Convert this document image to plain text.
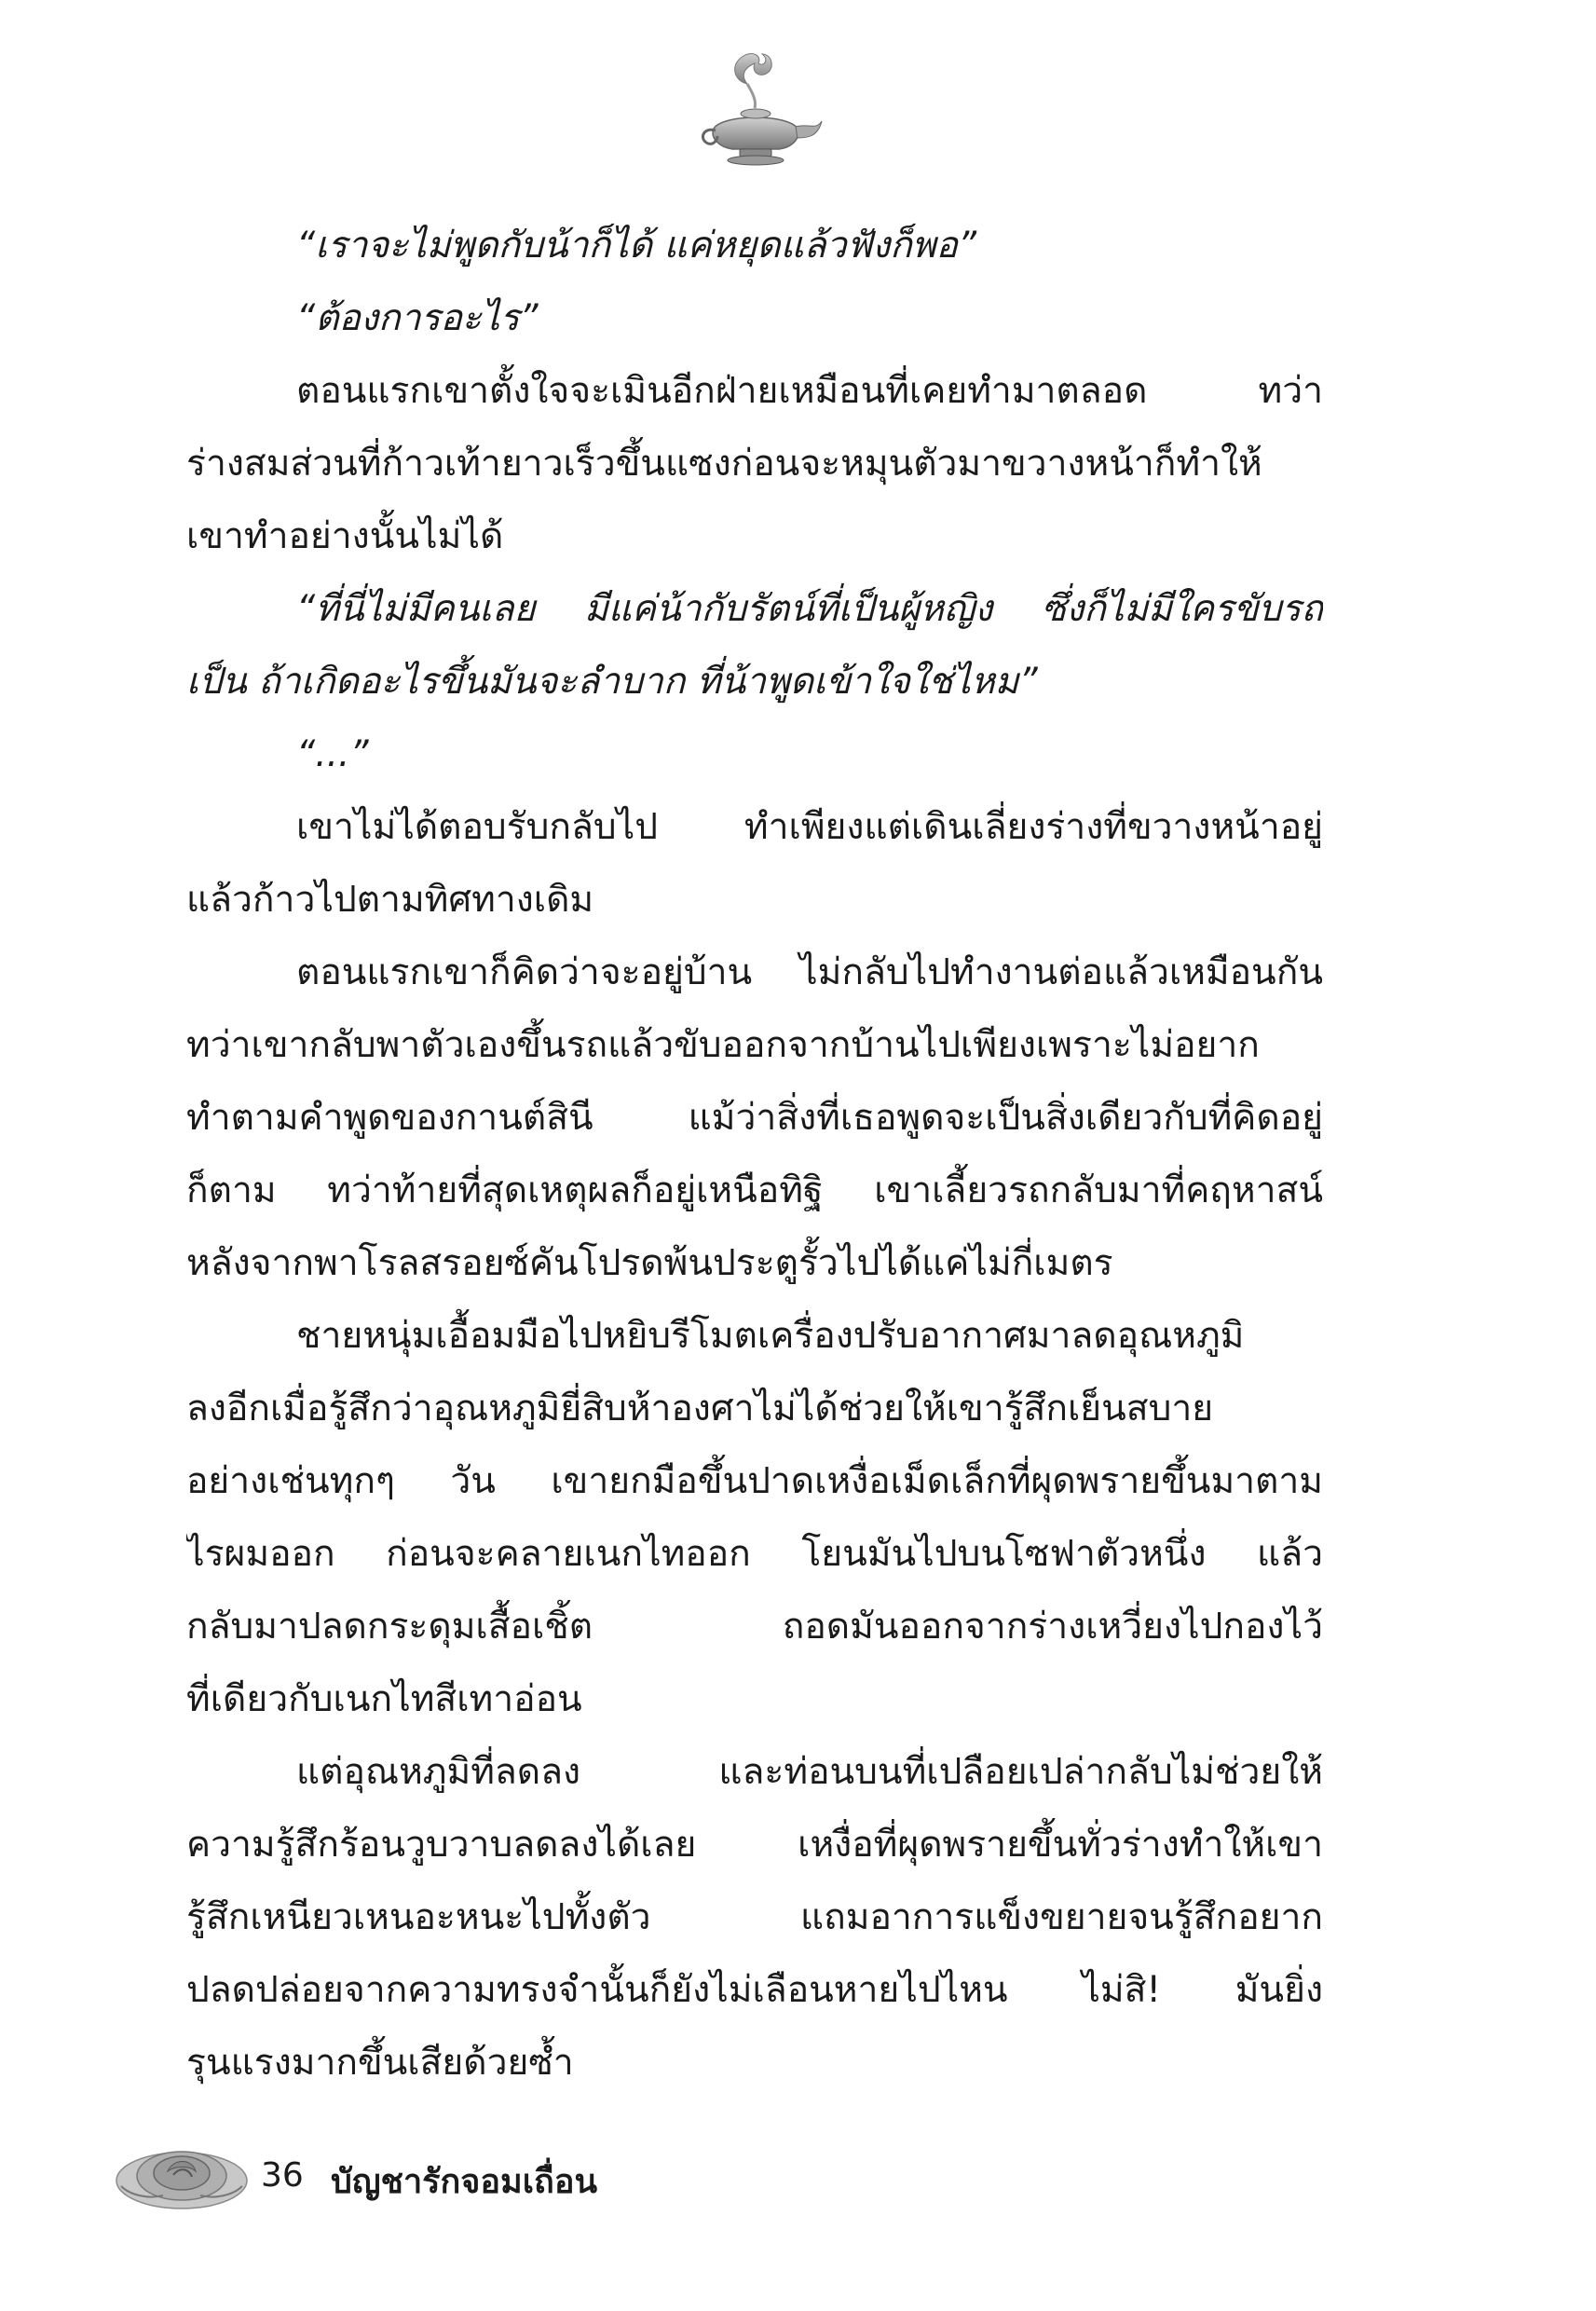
“เราจะไม่พูดกับน้าก็ได้ แค่หยุดแล้วฟังก็พอ”
“ต้องการอะไร”
ตอนแรกเขาตั้งใจจะเมินอีกฝ่ายเหมือนที่เคยทำมาตลอด ทว่า
ร่างสมส่วนที่ก้าวเท้ายาวเร็วขึ้นแซงก่อนจะหมุนตัวมาขวางหน้าก็ทำให้
เขาทำอย่างนั้นไม่ได้
“ที่นี่ไม่มีคนเลย มีแค่น้ากับรัตน์ที่เป็นผู้หญิง ซึ่งก็ไม่มีใครขับรถ
เป็น ถ้าเกิดอะไรขึ้นมันจะลำบาก ที่น้าพูดเข้าใจใช่ไหม”
“...”
เขาไม่ได้ตอบรับกลับไป ทำเพียงแต่เดินเลี่ยงร่างที่ขวางหน้าอยู่
แล้วก้าวไปตามทิศทางเดิม
ตอนแรกเขาก็คิดว่าจะอยู่บ้าน ไม่กลับไปทำงานต่อแล้วเหมือนกัน
ทว่าเขากลับพาตัวเองขึ้นรถแล้วขับออกจากบ้านไปเพียงเพราะไม่อยาก
ทำตามคำพูดของกานต์สินี แม้ว่าสิ่งที่เธอพูดจะเป็นสิ่งเดียวกับที่คิดอยู่
ก็ตาม ทว่าท้ายที่สุดเหตุผลก็อยู่เหนือทิฐิ เขาเลี้ยวรถกลับมาที่คฤหาสน์
หลังจากพาโรลสรอยซ์คันโปรดพ้นประตูรั้วไปได้แค่ไม่กี่เมตร
ชายหนุ่มเอื้อมมือไปหยิบรีโมตเครื่องปรับอากาศมาลดอุณหภูมิ
ลงอีกเมื่อรู้สึกว่าอุณหภูมิยี่สิบห้าองศาไม่ได้ช่วยให้เขารู้สึกเย็นสบาย
อย่างเช่นทุกๆ วัน เขายกมือขึ้นปาดเหงื่อเม็ดเล็กที่ผุดพรายขึ้นมาตาม
ไรผมออก ก่อนจะคลายเนกไทออก โยนมันไปบนโซฟาตัวหนึ่ง แล้ว
กลับมาปลดกระดุมเสื้อเชิ้ต ถอดมันออกจากร่างเหวี่ยงไปกองไว้
ที่เดียวกับเนกไทสีเทาอ่อน
แต่อุณหภูมิที่ลดลง และท่อนบนที่เปลือยเปล่ากลับไม่ช่วยให้
ความรู้สึกร้อนวูบวาบลดลงได้เลย เหงื่อที่ผุดพรายขึ้นทั่วร่างทำให้เขา
รู้สึกเหนียวเหนอะหนะไปทั้งตัว แถมอาการแข็งขยายจนรู้สึกอยาก
ปลดปล่อยจากความทรงจำนั้นก็ยังไม่เลือนหายไปไหน ไม่สิ! มันยิ่ง
รุนแรงมากขึ้นเสียด้วยซ้ำ
36 บัญชารักจอมเถื่อน
